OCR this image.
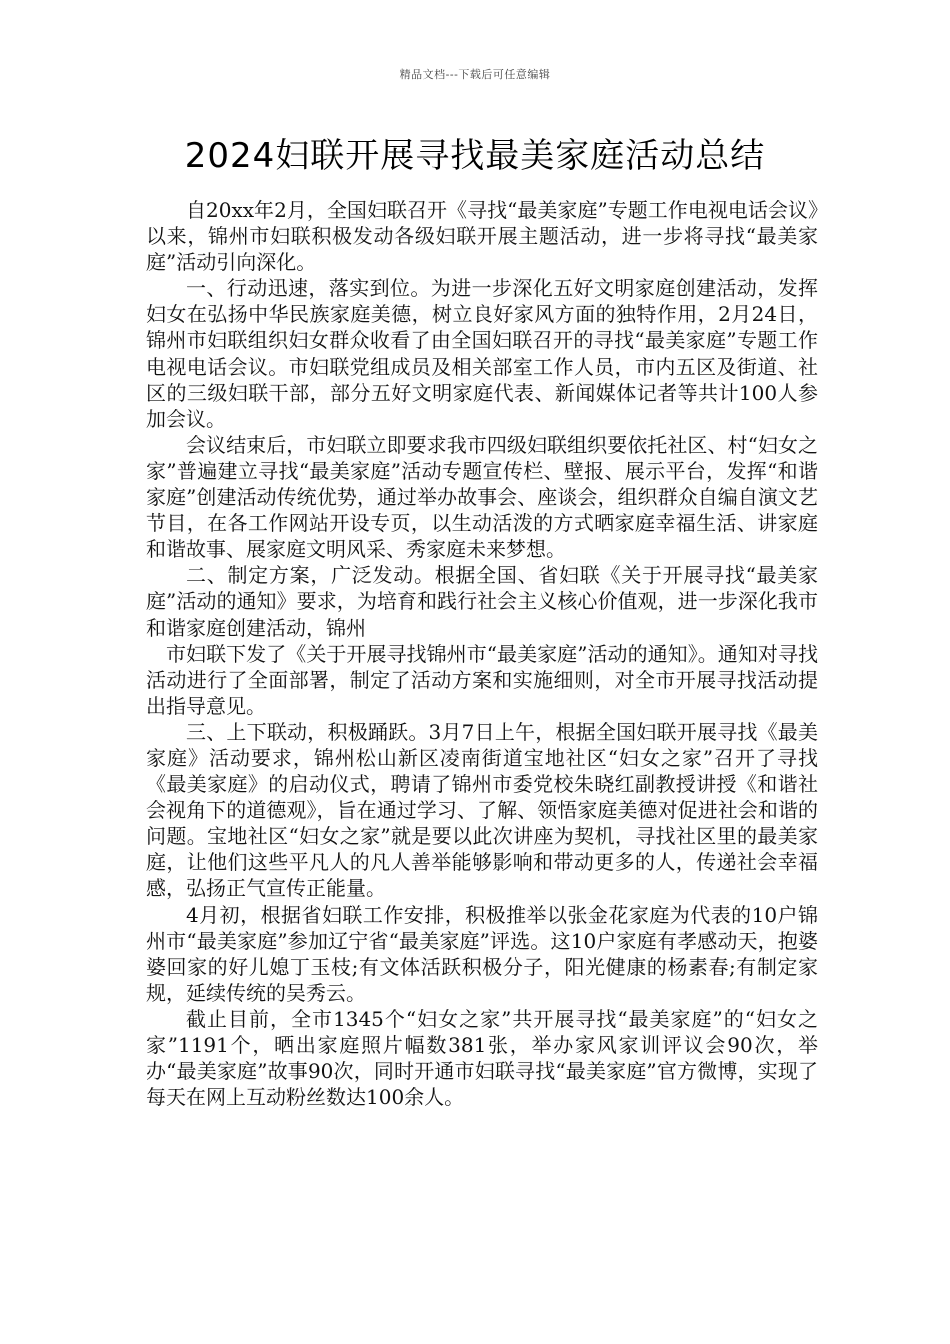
精品文档---下载后可任意编辑
2024妇联开展寻找最美家庭活动总结

自20xx年2月，全国妇联召开《寻找“最美家庭”专题工作电视电话会议》以来，锦州市妇联积极发动各级妇联开展主题活动，进一步将寻找“最美家庭”活动引向深化。

一、行动迅速，落实到位。为进一步深化五好文明家庭创建活动，发挥妇女在弘扬中华民族家庭美德，树立良好家风方面的独特作用，2月24日，锦州市妇联组织妇女群众收看了由全国妇联召开的寻找“最美家庭”专题工作电视电话会议。市妇联党组成员及相关部室工作人员，市内五区及街道、社区的三级妇联干部，部分五好文明家庭代表、新闻媒体记者等共计100人参加会议。

会议结束后，市妇联立即要求我市四级妇联组织要依托社区、村“妇女之家”普遍建立寻找“最美家庭”活动专题宣传栏、壁报、展示平台，发挥“和谐家庭”创建活动传统优势，通过举办故事会、座谈会，组织群众自编自演文艺节目，在各工作网站开设专页，以生动活泼的方式晒家庭幸福生活、讲家庭和谐故事、展家庭文明风采、秀家庭未来梦想。

二、制定方案，广泛发动。根据全国、省妇联《关于开展寻找“最美家庭”活动的通知》要求，为培育和践行社会主义核心价值观，进一步深化我市和谐家庭创建活动，锦州

市妇联下发了《关于开展寻找锦州市“最美家庭”活动的通知》。通知对寻找活动进行了全面部署，制定了活动方案和实施细则，对全市开展寻找活动提出指导意见。

三、上下联动，积极踊跃。3月7日上午，根据全国妇联开展寻找《最美家庭》活动要求，锦州松山新区凌南街道宝地社区“妇女之家”召开了寻找《最美家庭》的启动仪式，聘请了锦州市委党校朱晓红副教授讲授《和谐社会视角下的道德观》，旨在通过学习、了解、领悟家庭美德对促进社会和谐的问题。宝地社区“妇女之家”就是要以此次讲座为契机，寻找社区里的最美家庭，让他们这些平凡人的凡人善举能够影响和带动更多的人，传递社会幸福感，弘扬正气宣传正能量。

4月初，根据省妇联工作安排，积极推举以张金花家庭为代表的10户锦州市“最美家庭”参加辽宁省“最美家庭”评选。这10户家庭有孝感动天，抱婆婆回家的好儿媳丁玉枝;有文体活跃积极分子，阳光健康的杨素春;有制定家规，延续传统的吴秀云。

截止目前，全市1345个“妇女之家”共开展寻找“最美家庭”的“妇女之家”1191个，晒出家庭照片幅数381张，举办家风家训评议会90次，举办“最美家庭”故事90次，同时开通市妇联寻找“最美家庭”官方微博，实现了每天在网上互动粉丝数达100余人。
